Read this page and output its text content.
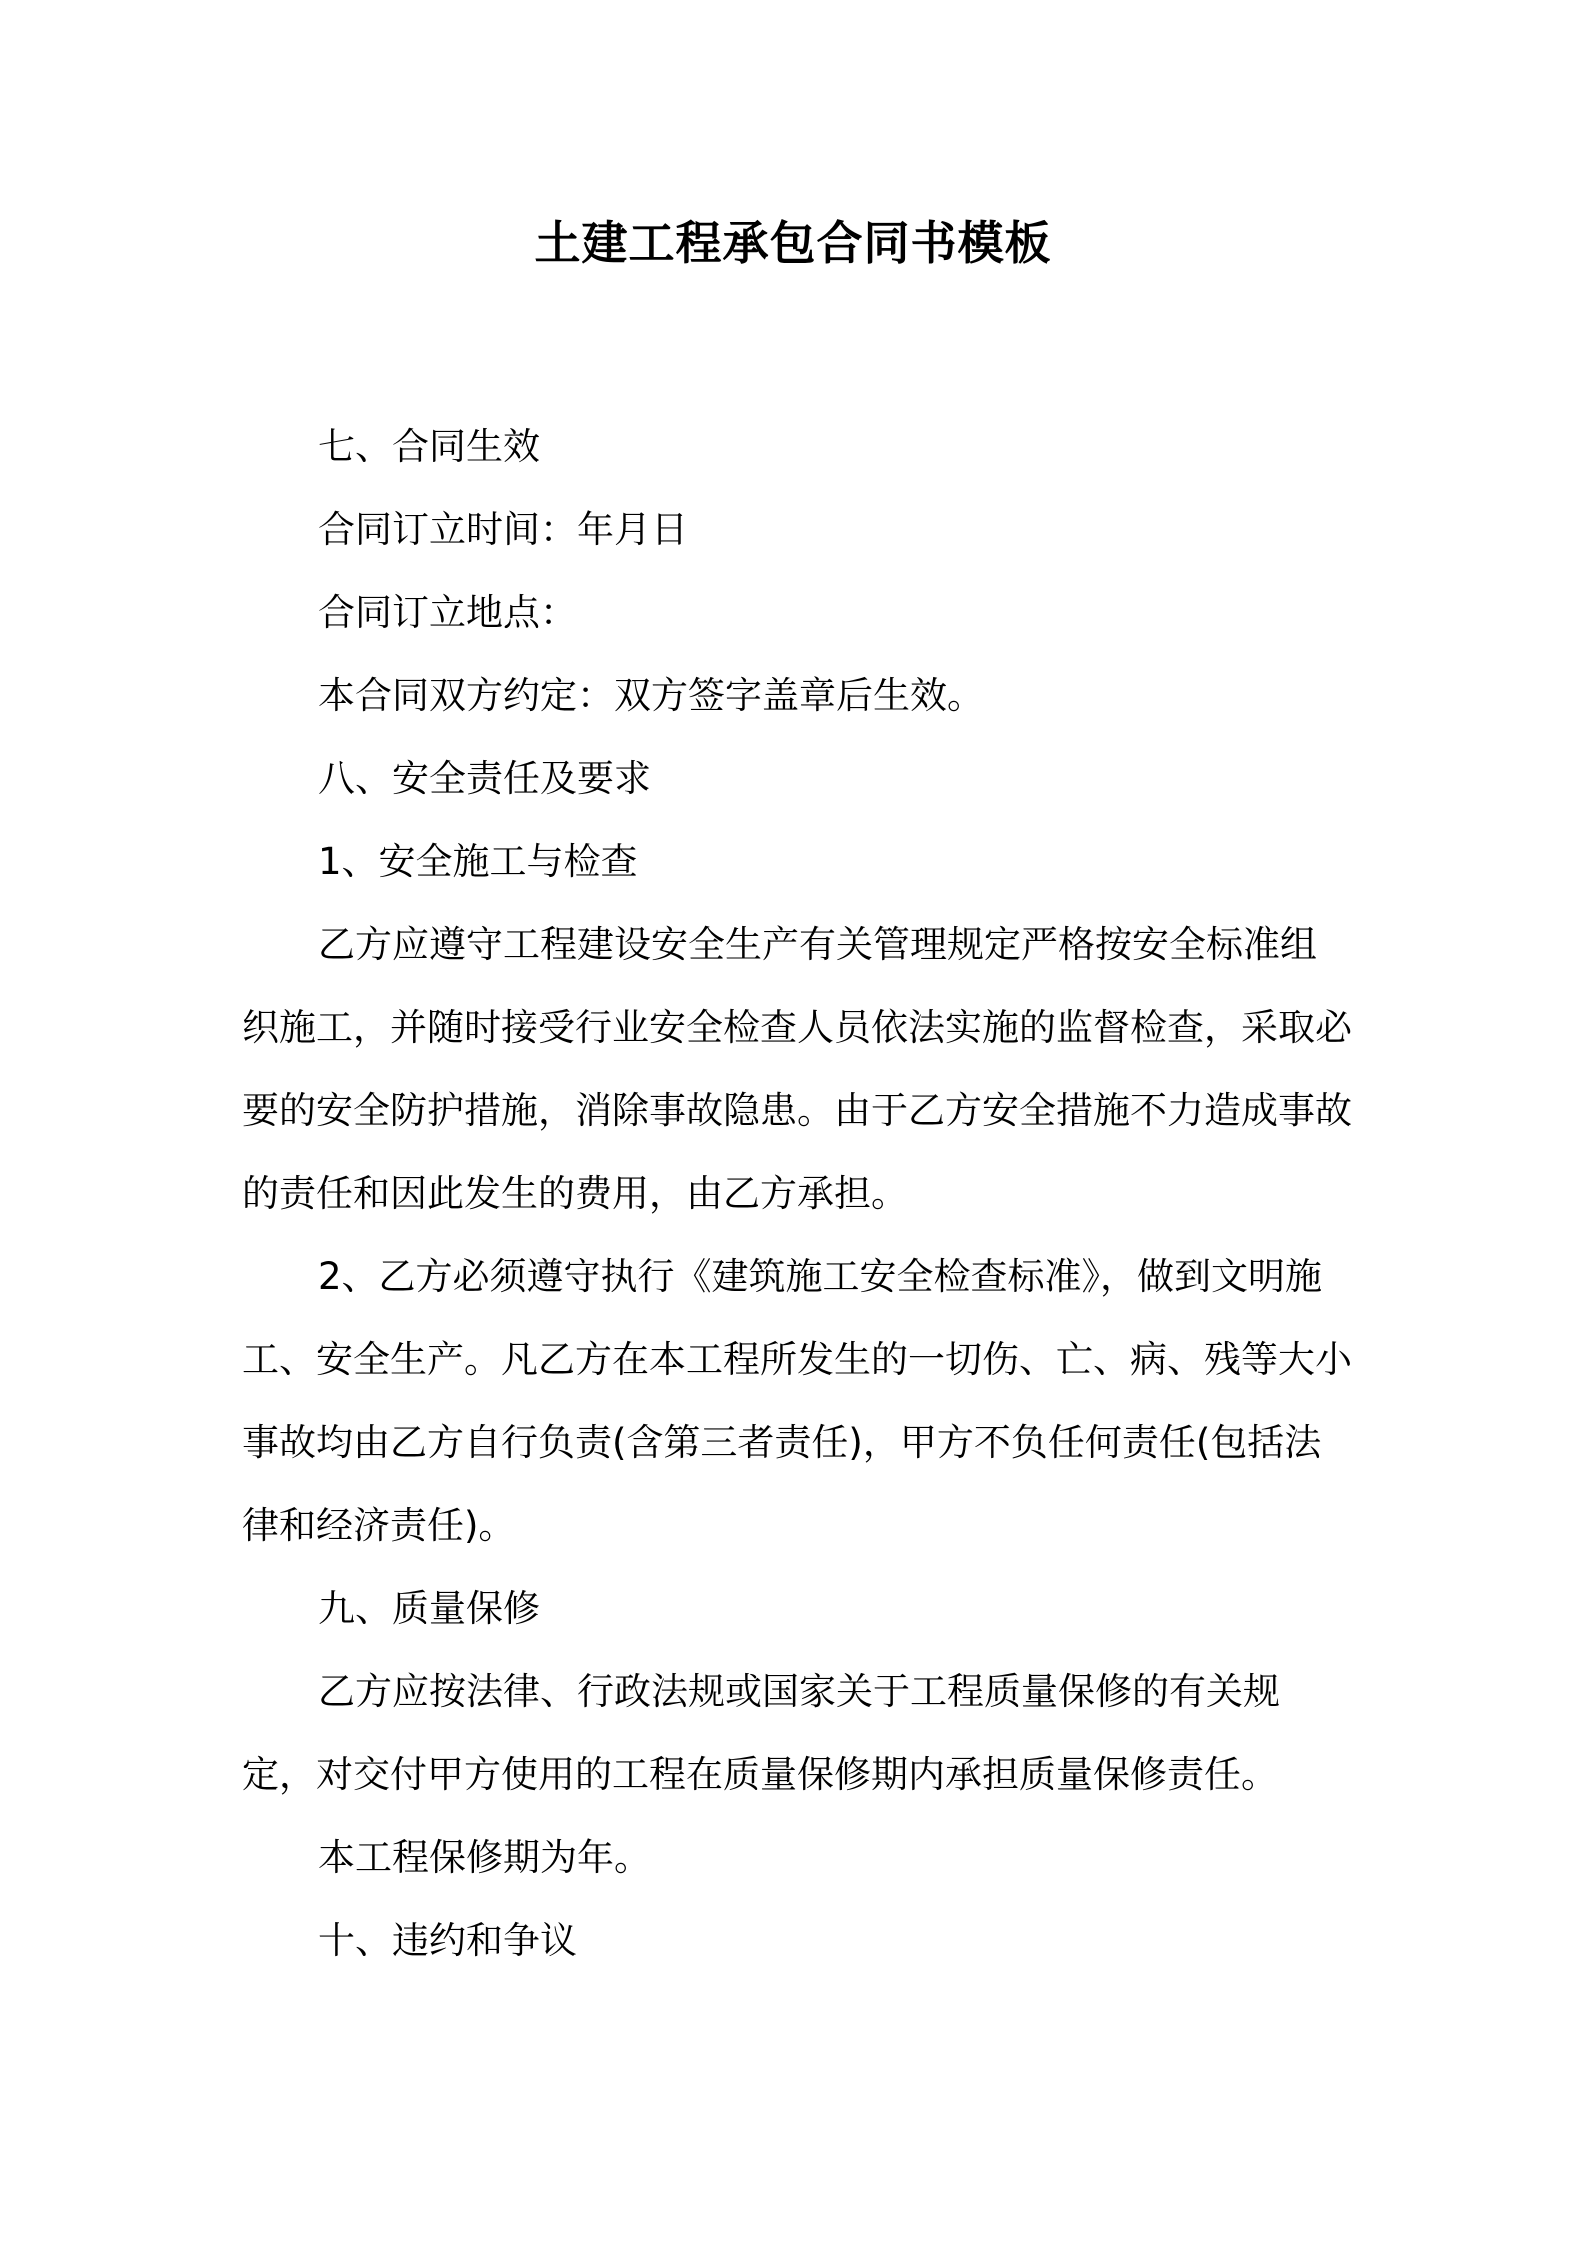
土建工程承包合同书模板

七、合同生效

合同订立时间：年月日

合同订立地点：

本合同双方约定：双方签字盖章后生效。

八、安全责任及要求

1、安全施工与检查

乙方应遵守工程建设安全生产有关管理规定严格按安全标准组织施工，并随时接受行业安全检查人员依法实施的监督检查，采取必要的安全防护措施，消除事故隐患。由于乙方安全措施不力造成事故的责任和因此发生的费用，由乙方承担。

2、乙方必须遵守执行《建筑施工安全检查标准》，做到文明施工、安全生产。凡乙方在本工程所发生的一切伤、亡、病、残等大小事故均由乙方自行负责(含第三者责任)，甲方不负任何责任(包括法律和经济责任)。

九、质量保修

乙方应按法律、行政法规或国家关于工程质量保修的有关规定，对交付甲方使用的工程在质量保修期内承担质量保修责任。

本工程保修期为年。

十、违约和争议
